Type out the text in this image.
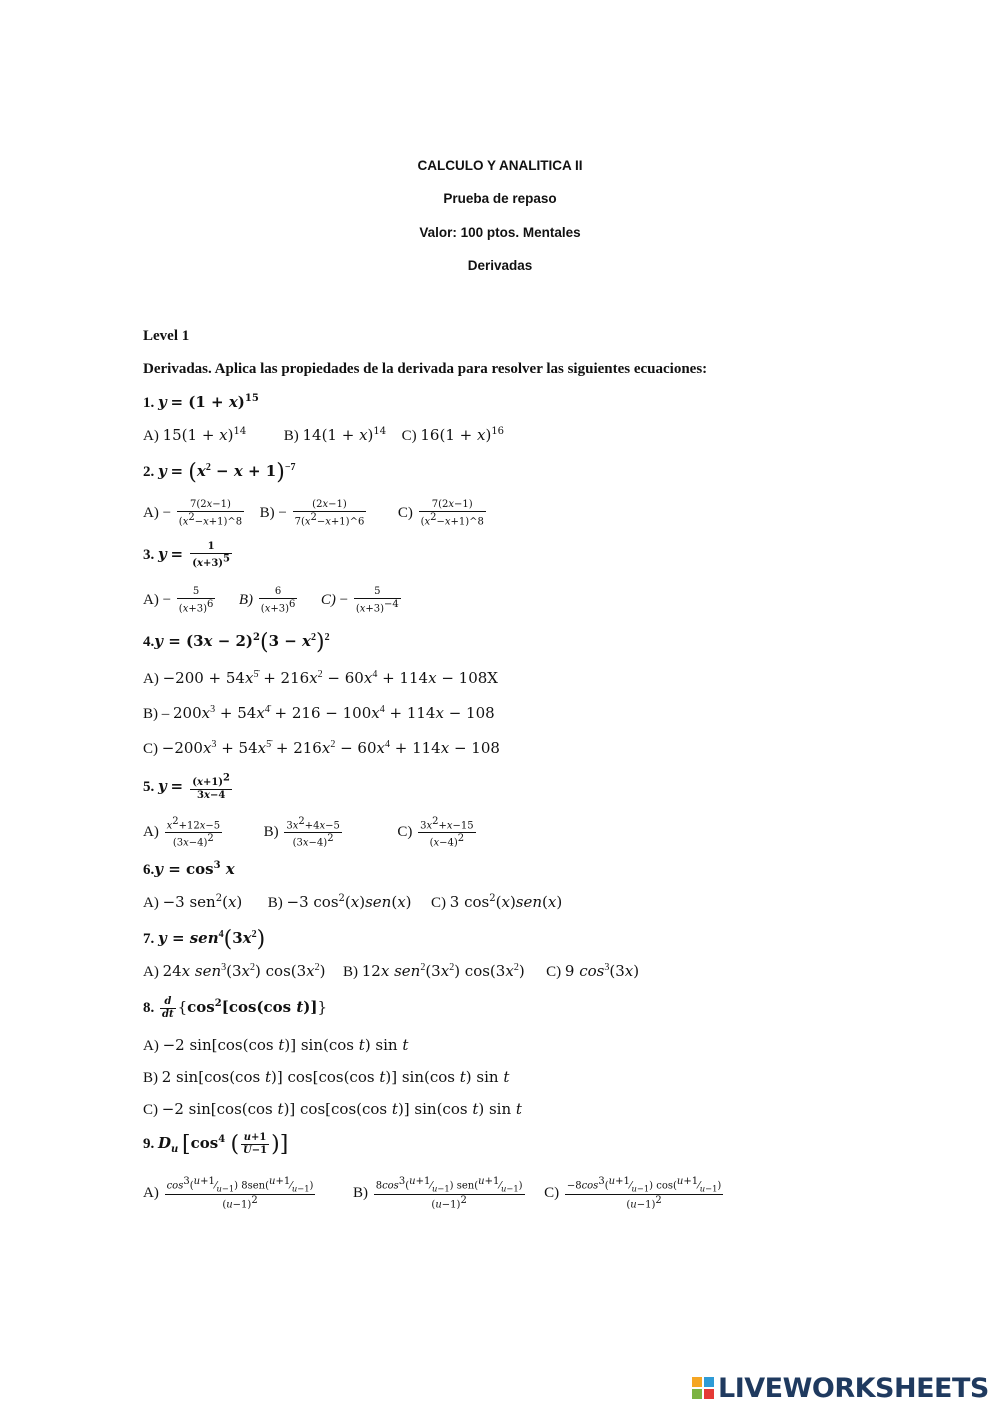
CALCULO Y ANALITICA II
Prueba de repaso
Valor: 100 ptos. Mentales
Derivadas
Level 1
Derivadas. Aplica las propiedades de la derivada para resolver las siguientes ecuaciones:
1. $y = (1 + x)^{15}$
A) $15(1 + x)^{14}$	B) $14(1 + x)^{14}$ C) $16(1 + x)^{16}$
2. $y = (x^2 - x + 1)^{-7}$
$A) - \frac{7(2x-1)}{(x^2-x+1)\^{}8} B) - \frac{(2x-1)}{7(x^2-x+1)\^{}6} C) \frac{7(2x-1)}{(x^2-x+1)\^{}8}$
3. $y = \frac{1}{(x+3)^5}$
$A) - \frac{5}{(x+3)^6} B) \frac{6}{(x+3)^6} C) - \frac{5}{(x+3)^{-4}}$
$4.y = (3x - 2)^2(3 - x^2)^2$
$A) -200 + 54x^{5̄} + 216x^2 - 60x^4 + 114x - 108X$
$B) - 200x^3 + 54x^{4̄} + 216 - 100x^4 + 114x - 108$
$C) -200x^3 + 54x^{5̄} + 216x^2 - 60x^4 + 114x - 108$
5. $y = \frac{(x+1)^2}{3x-4}$
$A) \frac{x^2+12x-5}{(3x-4)^2}$	$B) \frac{3x^2+4x-5}{(3x-4)^2}$	$C) \frac{3x^2+x-15}{(x-4)^2}$
$6.y = \cos^3 x$
A) −3 sen$^2$(x) B) −3 $\cos^2(x)sen(x)$ C) 3 $\cos^2(x)sen(x)$
7. $y = sen^4(3x^2)$
A) 24x $sen^3(3x^2)$ $\cos(3x^2)$ B) 12x $sen^2(3x^2)$ $\cos(3x^2)$ C) 9 $\cos^3(3x)$
8. $\frac{d}{dt} \{\cos^2[\cos(\cos$ t)]}
A) −2 sin[cos(cos t)] sin(cos t) sin t
B) 2 sin[cos(cos t)] cos[cos(cos t)] sin(cos t) sin t
C) −2 sin[cos(cos t)] cos[cos(cos t)] sin(cos t) sin t
9. $D_u$ [$\cos^4$ ( $\frac{u+1}{U-1}$ )]
$A) \frac{\cos^3(^{u+1}⁄_{u-1}) 8sen(^{u+1}⁄_{u-1})}{(u-1)^2}$	$B) \frac{8\cos^3(^{u+1}⁄_{u-1}) sen(^{u+1}⁄_{u-1})}{(u-1)^2} C) \frac{-8\cos^3(^{u+1}⁄_{u-1}) \cos(^{u+1}⁄_{u-1})}{(u-1)^2}$
LIVEWORKSHEETS
